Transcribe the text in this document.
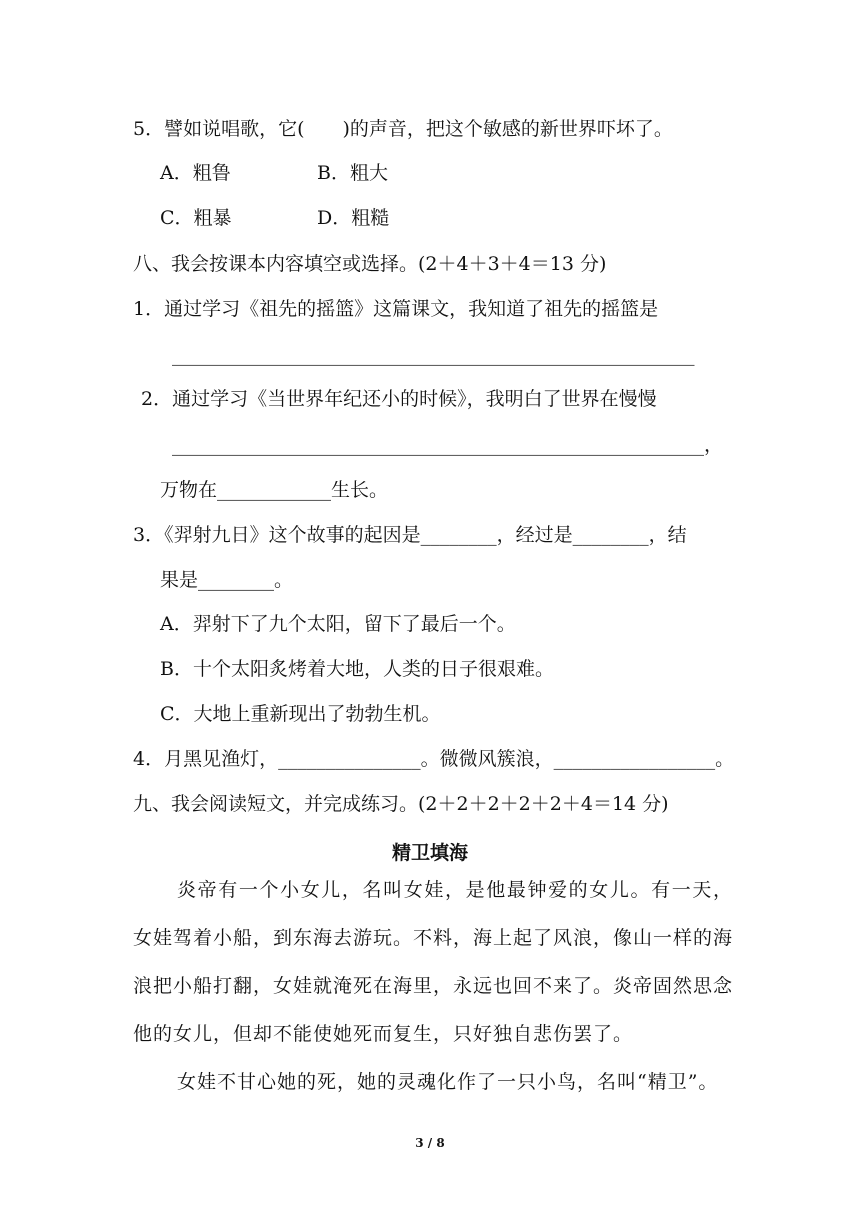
5．譬如说唱歌，它(　　)的声音，把这个敏感的新世界吓坏了。
A．粗鲁	B．粗大
C．粗暴	D．粗糙
八、我会按课本内容填空或选择。(2＋4＋3＋4＝13 分)
1．通过学习《祖先的摇篮》这篇课文，我知道了祖先的摇篮是
_______________________________________________________
2．通过学习《当世界年纪还小的时候》，我明白了世界在慢慢
________________________________________________________，
万物在____________生长。
3．《羿射九日》这个故事的起因是________，经过是________，结
果是________。
A．羿射下了九个太阳，留下了最后一个。
B．十个太阳炙烤着大地，人类的日子很艰难。
C．大地上重新现出了勃勃生机。
4．月黑见渔灯，_______________。微微风簇浪，_________________。
九、我会阅读短文，并完成练习。(2＋2＋2＋2＋2＋4＝14 分)
精卫填海

炎帝有一个小女儿，名叫女娃，是他最钟爱的女儿。有一天，女娃驾着小船，到东海去游玩。不料，海上起了风浪，像山一样的海浪把小船打翻，女娃就淹死在海里，永远也回不来了。炎帝固然思念他的女儿，但却不能使她死而复生，只好独自悲伤罢了。

女娃不甘心她的死，她的灵魂化作了一只小鸟，名叫“精卫”。

3 / 8
